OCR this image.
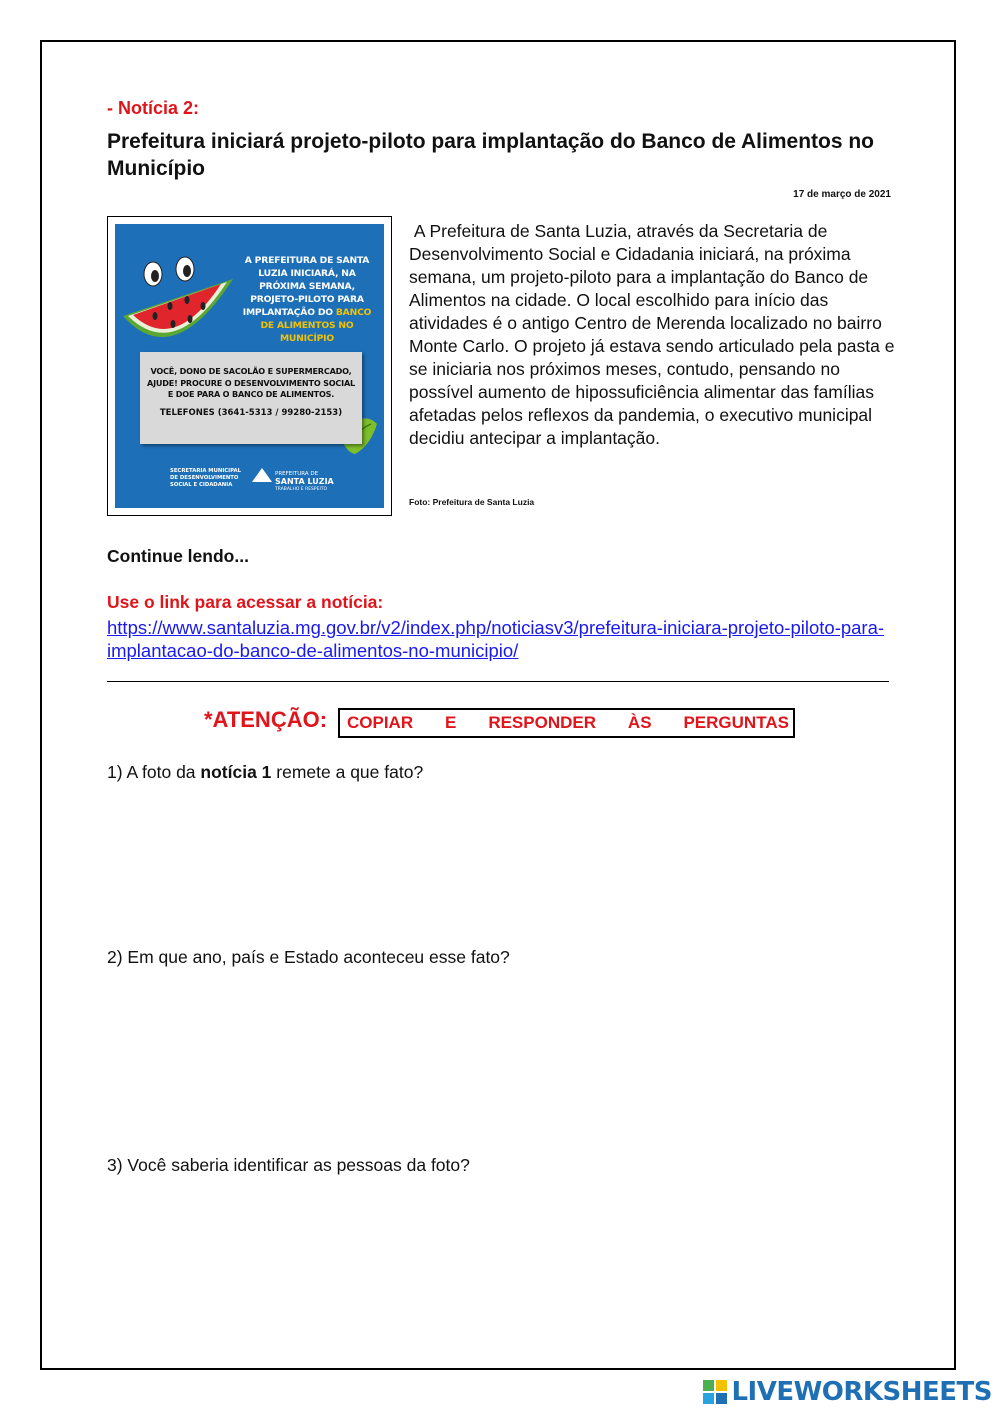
- Notícia 2:
Prefeitura iniciará projeto-piloto para implantação do Banco de Alimentos no Município
17 de março de 2021
A PREFEITURA DE SANTA LUZIA INICIARÁ, NA PRÓXIMA SEMANA, PROJETO-PILOTO PARA IMPLANTAÇÃO DO BANCO DE ALIMENTOS NO MUNICÍPIO
VOCÊ, DONO DE SACOLÃO E SUPERMERCADO, AJUDE! PROCURE O DESENVOLVIMENTO SOCIAL E DOE PARA O BANCO DE ALIMENTOS.
TELEFONES (3641-5313 / 99280-2153)
SECRETARIA MUNICIPAL DE DESENVOLVIMENTO SOCIAL E CIDADANIA
PREFEITURA DE
SANTA LUZIA
TRABALHO E RESPEITO
A Prefeitura de Santa Luzia, através da Secretaria de Desenvolvimento Social e Cidadania iniciará, na próxima semana, um projeto-piloto para a implantação do Banco de Alimentos na cidade. O local escolhido para início das atividades é o antigo Centro de Merenda localizado no bairro Monte Carlo. O projeto já estava sendo articulado pela pasta e se iniciaria nos próximos meses, contudo, pensando no possível aumento de hipossuficiência alimentar das famílias afetadas pelos reflexos da pandemia, o executivo municipal decidiu antecipar a implantação.
Foto: Prefeitura de Santa Luzia
Continue lendo...
Use o link para acessar a notícia:
https://www.santaluzia.mg.gov.br/v2/index.php/noticiasv3/prefeitura-iniciara-projeto-piloto-para-implantacao-do-banco-de-alimentos-no-municipio/
*ATENÇÃO: COPIAR E RESPONDER ÀS PERGUNTAS
1) A foto da notícia 1 remete a que fato?
2) Em que ano, país e Estado aconteceu esse fato?
3) Você saberia identificar as pessoas da foto?
LIVEWORKSHEETS
